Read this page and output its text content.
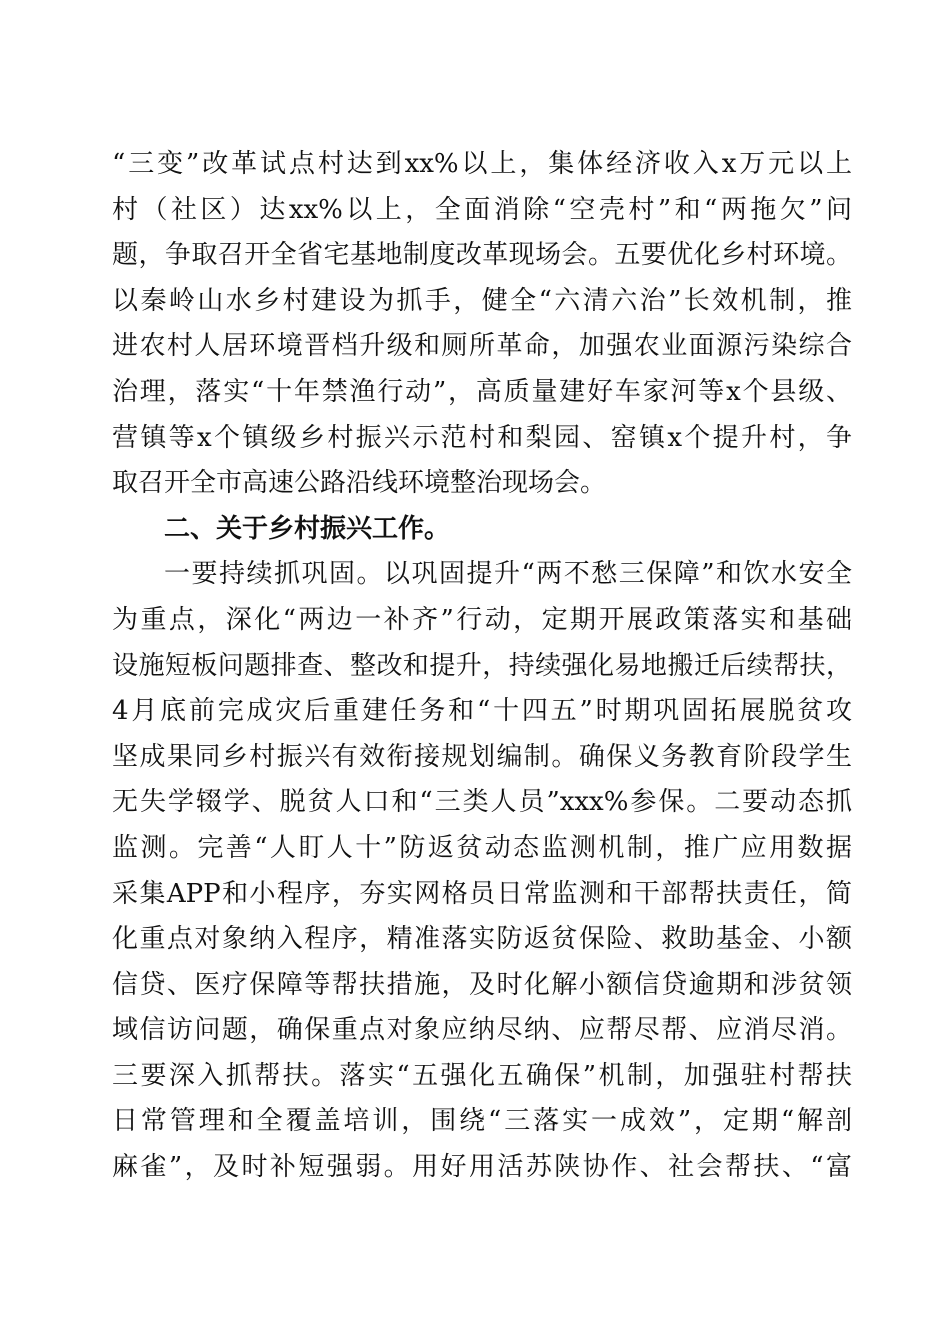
“三变”改革试点村达到xx%以上，集体经济收入x万元以上
村（社区）达xx%以上，全面消除“空壳村”和“两拖欠”问
题，争取召开全省宅基地制度改革现场会。五要优化乡村环境。
以秦岭山水乡村建设为抓手，健全“六清六治”长效机制，推
进农村人居环境晋档升级和厕所革命，加强农业面源污染综合
治理，落实“十年禁渔行动”，高质量建好车家河等x个县级、
营镇等x个镇级乡村振兴示范村和梨园、窑镇x个提升村，争
取召开全市高速公路沿线环境整治现场会。
二、关于乡村振兴工作。
一要持续抓巩固。以巩固提升“两不愁三保障”和饮水安全
为重点，深化“两边一补齐”行动，定期开展政策落实和基础
设施短板问题排查、整改和提升，持续强化易地搬迁后续帮扶，
4月底前完成灾后重建任务和“十四五”时期巩固拓展脱贫攻
坚成果同乡村振兴有效衔接规划编制。确保义务教育阶段学生
无失学辍学、脱贫人口和“三类人员”xxx%参保。二要动态抓
监测。完善“人盯人十”防返贫动态监测机制，推广应用数据
采集APP和小程序，夯实网格员日常监测和干部帮扶责任，简
化重点对象纳入程序，精准落实防返贫保险、救助基金、小额
信贷、医疗保障等帮扶措施，及时化解小额信贷逾期和涉贫领
域信访问题，确保重点对象应纳尽纳、应帮尽帮、应消尽消。
三要深入抓帮扶。落实“五强化五确保”机制，加强驻村帮扶
日常管理和全覆盖培训，围绕“三落实一成效”，定期“解剖
麻雀”，及时补短强弱。用好用活苏陕协作、社会帮扶、“富
